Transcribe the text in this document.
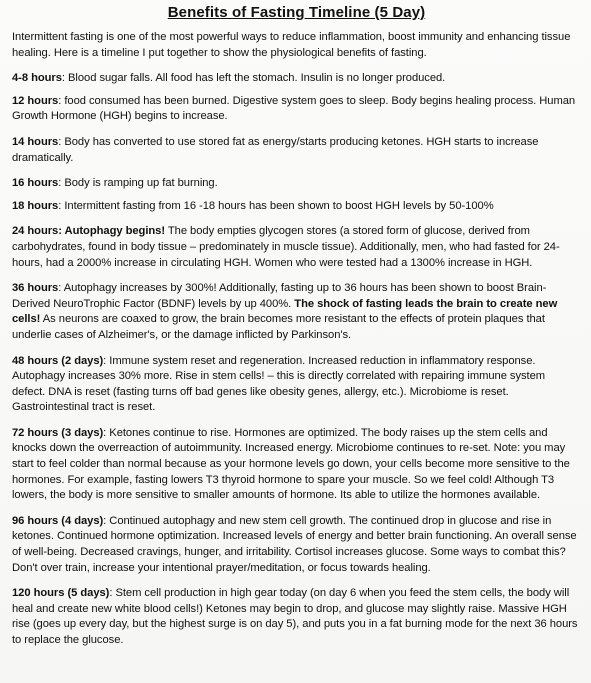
Benefits of Fasting Timeline (5 Day)
Intermittent fasting is one of the most powerful ways to reduce inflammation, boost immunity and enhancing tissue healing. Here is a timeline I put together to show the physiological benefits of fasting.
4-8 hours: Blood sugar falls. All food has left the stomach. Insulin is no longer produced.
12 hours: food consumed has been burned. Digestive system goes to sleep. Body begins healing process. Human Growth Hormone (HGH) begins to increase.
14 hours: Body has converted to use stored fat as energy/starts producing ketones. HGH starts to increase dramatically.
16 hours: Body is ramping up fat burning.
18 hours: Intermittent fasting from 16 -18 hours has been shown to boost HGH levels by 50-100%
24 hours: Autophagy begins! The body empties glycogen stores (a stored form of glucose, derived from carbohydrates, found in body tissue – predominately in muscle tissue). Additionally, men, who had fasted for 24-hours, had a 2000% increase in circulating HGH. Women who were tested had a 1300% increase in HGH.
36 hours: Autophagy increases by 300%! Additionally, fasting up to 36 hours has been shown to boost Brain-Derived NeuroTrophic Factor (BDNF) levels by up 400%. The shock of fasting leads the brain to create new cells! As neurons are coaxed to grow, the brain becomes more resistant to the effects of protein plaques that underlie cases of Alzheimer's, or the damage inflicted by Parkinson's.
48 hours (2 days): Immune system reset and regeneration. Increased reduction in inflammatory response. Autophagy increases 30% more. Rise in stem cells! – this is directly correlated with repairing immune system defect. DNA is reset (fasting turns off bad genes like obesity genes, allergy, etc.). Microbiome is reset. Gastrointestinal tract is reset.
72 hours (3 days): Ketones continue to rise. Hormones are optimized. The body raises up the stem cells and knocks down the overreaction of autoimmunity. Increased energy. Microbiome continues to re-set. Note: you may start to feel colder than normal because as your hormone levels go down, your cells become more sensitive to the hormones. For example, fasting lowers T3 thyroid hormone to spare your muscle. So we feel cold! Although T3 lowers, the body is more sensitive to smaller amounts of hormone. Its able to utilize the hormones available.
96 hours (4 days): Continued autophagy and new stem cell growth. The continued drop in glucose and rise in ketones. Continued hormone optimization. Increased levels of energy and better brain functioning. An overall sense of well-being. Decreased cravings, hunger, and irritability. Cortisol increases glucose. Some ways to combat this? Don't over train, increase your intentional prayer/meditation, or focus towards healing.
120 hours (5 days): Stem cell production in high gear today (on day 6 when you feed the stem cells, the body will heal and create new white blood cells!) Ketones may begin to drop, and glucose may slightly raise. Massive HGH rise (goes up every day, but the highest surge is on day 5), and puts you in a fat burning mode for the next 36 hours to replace the glucose.
